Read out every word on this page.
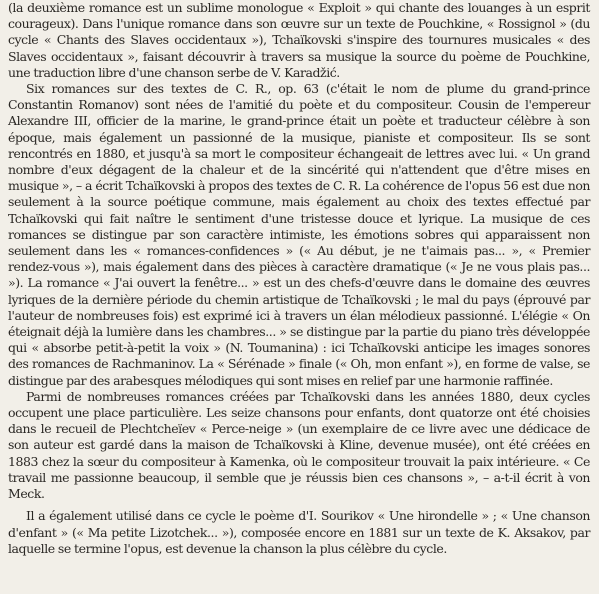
(la deuxième romance est un sublime monologue « Exploit » qui chante des louanges à un esprit courageux). Dans l'unique romance dans son œuvre sur un texte de Pouchkine, « Rossignol » (du cycle « Chants des Slaves occidentaux »), Tchaïkovski s'inspire des tournures musicales « des Slaves occidentaux », faisant découvrir à travers sa musique la source du poème de Pouchkine, une traduction libre d'une chanson serbe de V. Karadžić.

Six romances sur des textes de C. R., op. 63 (c'était le nom de plume du grand-prince Constantin Romanov) sont nées de l'amitié du poète et du compositeur. Cousin de l'empereur Alexandre III, officier de la marine, le grand-prince était un poète et traducteur célèbre à son époque, mais également un passionné de la musique, pianiste et compositeur. Ils se sont rencontrés en 1880, et jusqu'à sa mort le compositeur échangeait de lettres avec lui. « Un grand nombre d'eux dégagent de la chaleur et de la sincérité qui n'attendent que d'être mises en musique », – a écrit Tchaïkovski à propos des textes de C. R. La cohérence de l'opus 56 est due non seulement à la source poétique commune, mais également au choix des textes effectué par Tchaïkovski qui fait naître le sentiment d'une tristesse douce et lyrique. La musique de ces romances se distingue par son caractère intimiste, les émotions sobres qui apparaissent non seulement dans les « romances-confidences » (« Au début, je ne t'aimais pas... », « Premier rendez-vous »), mais également dans des pièces à caractère dramatique (« Je ne vous plais pas... »). La romance « J'ai ouvert la fenêtre... » est un des chefs-d'œuvre dans le domaine des œuvres lyriques de la dernière période du chemin artistique de Tchaïkovski ; le mal du pays (éprouvé par l'auteur de nombreuses fois) est exprimé ici à travers un élan mélodieux passionné. L'élégie « On éteignait déjà la lumière dans les chambres... » se distingue par la partie du piano très développée qui « absorbe petit-à-petit la voix » (N. Toumanina) : ici Tchaïkovski anticipe les images sonores des romances de Rachmaninov. La « Sérénade » finale (« Oh, mon enfant »), en forme de valse, se distingue par des arabesques mélodiques qui sont mises en relief par une harmonie raffinée.

Parmi de nombreuses romances créées par Tchaïkovski dans les années 1880, deux cycles occupent une place particulière. Les seize chansons pour enfants, dont quatorze ont été choisies dans le recueil de Plechtcheïev « Perce-neige » (un exemplaire de ce livre avec une dédicace de son auteur est gardé dans la maison de Tchaïkovski à Kline, devenue musée), ont été créées en 1883 chez la sœur du compositeur à Kamenka, où le compositeur trouvait la paix intérieure. « Ce travail me passionne beaucoup, il semble que je réussis bien ces chansons », – a-t-il écrit à von Meck.

Il a également utilisé dans ce cycle le poème d'I. Sourikov « Une hirondelle » ; « Une chanson d'enfant » (« Ma petite Lizotchek... »), composée encore en 1881 sur un texte de K. Aksakov, par laquelle se termine l'opus, est devenue la chanson la plus célèbre du cycle.
